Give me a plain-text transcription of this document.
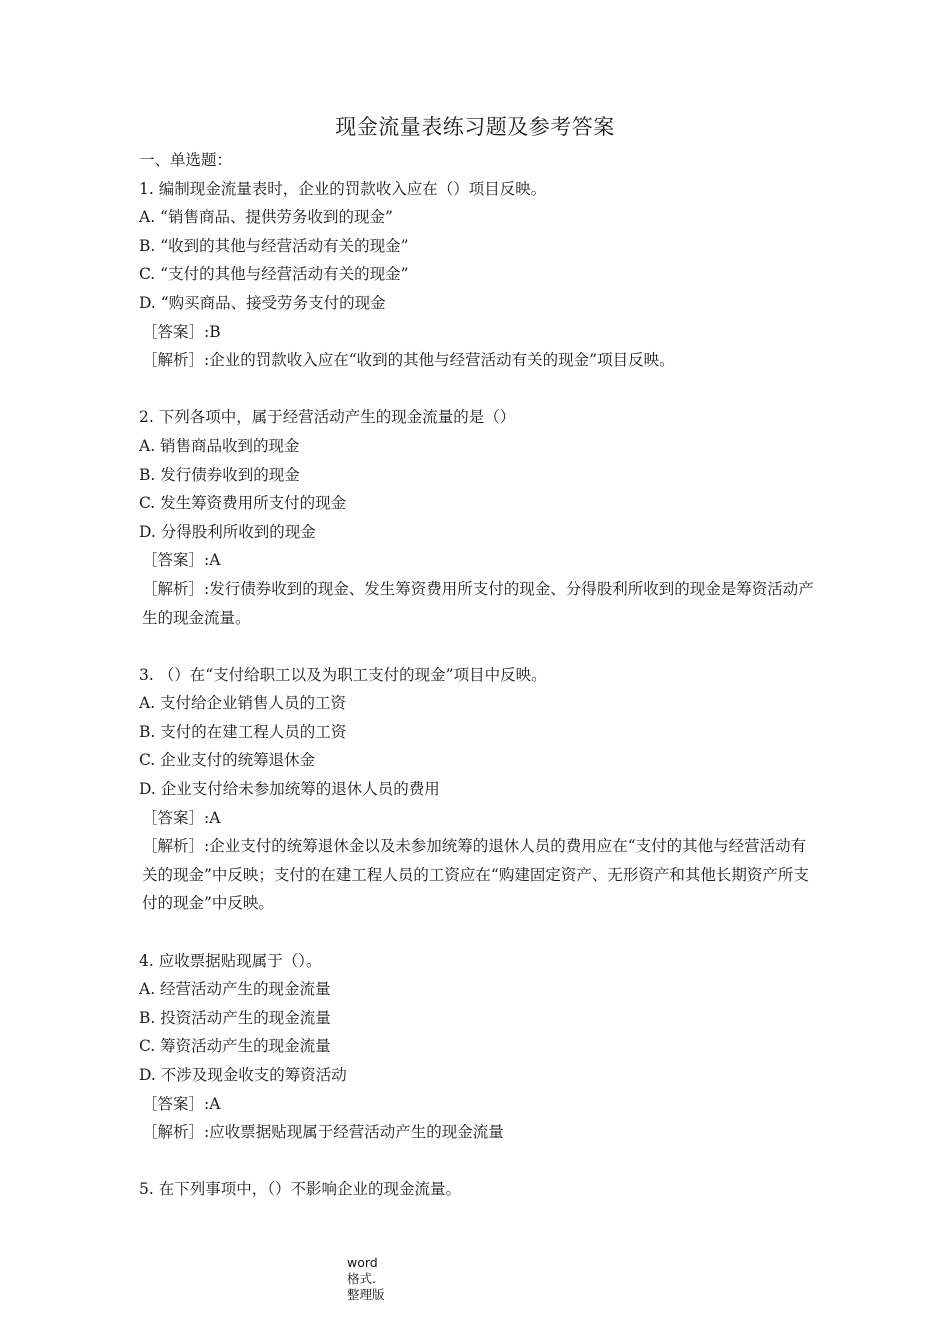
现金流量表练习题及参考答案
一、单选题：
1. 编制现金流量表时，企业的罚款收入应在（）项目反映。
A. “销售商品、提供劳务收到的现金”
B. “收到的其他与经营活动有关的现金”
C. “支付的其他与经营活动有关的现金”
D. “购买商品、接受劳务支付的现金
［答案］:B
［解析］:企业的罚款收入应在“收到的其他与经营活动有关的现金”项目反映。
2. 下列各项中，属于经营活动产生的现金流量的是（）
A. 销售商品收到的现金
B. 发行债券收到的现金
C. 发生筹资费用所支付的现金
D. 分得股利所收到的现金
［答案］:A
［解析］:发行债券收到的现金、发生筹资费用所支付的现金、分得股利所收到的现金是筹资活动产生的现金流量。
3. （）在“支付给职工以及为职工支付的现金”项目中反映。
A. 支付给企业销售人员的工资
B. 支付的在建工程人员的工资
C. 企业支付的统筹退休金
D. 企业支付给未参加统筹的退休人员的费用
［答案］:A
［解析］:企业支付的统筹退休金以及未参加统筹的退休人员的费用应在“支付的其他与经营活动有关的现金”中反映；支付的在建工程人员的工资应在“购建固定资产、无形资产和其他长期资产所支付的现金”中反映。
4. 应收票据贴现属于（）。
A. 经营活动产生的现金流量
B. 投资活动产生的现金流量
C. 筹资活动产生的现金流量
D. 不涉及现金收支的筹资活动
［答案］:A
［解析］:应收票据贴现属于经营活动产生的现金流量
5. 在下列事项中，（）不影响企业的现金流量。
word
格式.
整理版
